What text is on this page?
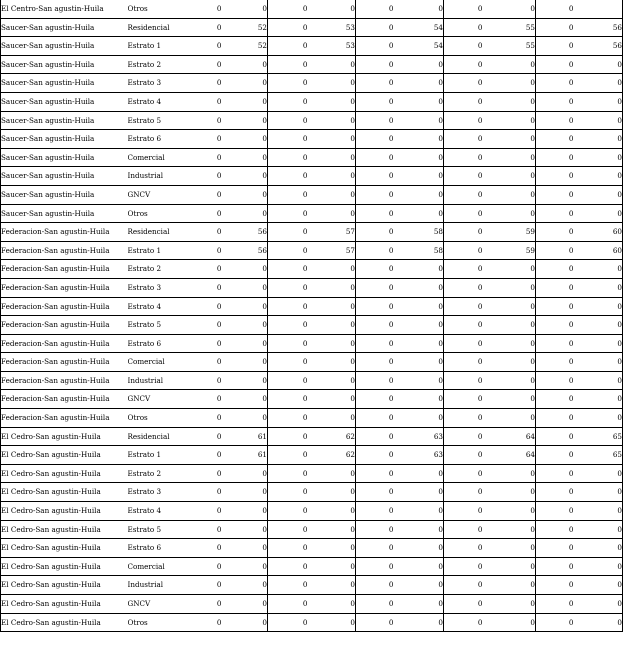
El Centro-San agustin-Huila	Otros	0	0	0	0	0	0	0	0	0	
Saucer-San agustin-Huila	Residencial	0	52	0	53	0	54	0	55	0	56
Saucer-San agustin-Huila	Estrato 1	0	52	0	53	0	54	0	55	0	56
Saucer-San agustin-Huila	Estrato 2	0	0	0	0	0	0	0	0	0	0
Saucer-San agustin-Huila	Estrato 3	0	0	0	0	0	0	0	0	0	0
Saucer-San agustin-Huila	Estrato 4	0	0	0	0	0	0	0	0	0	0
Saucer-San agustin-Huila	Estrato 5	0	0	0	0	0	0	0	0	0	0
Saucer-San agustin-Huila	Estrato 6	0	0	0	0	0	0	0	0	0	0
Saucer-San agustin-Huila	Comercial	0	0	0	0	0	0	0	0	0	0
Saucer-San agustin-Huila	Industrial	0	0	0	0	0	0	0	0	0	0
Saucer-San agustin-Huila	GNCV	0	0	0	0	0	0	0	0	0	0
Saucer-San agustin-Huila	Otros	0	0	0	0	0	0	0	0	0	0
Federacion-San agustin-Huila	Residencial	0	56	0	57	0	58	0	59	0	60
Federacion-San agustin-Huila	Estrato 1	0	56	0	57	0	58	0	59	0	60
Federacion-San agustin-Huila	Estrato 2	0	0	0	0	0	0	0	0	0	0
Federacion-San agustin-Huila	Estrato 3	0	0	0	0	0	0	0	0	0	0
Federacion-San agustin-Huila	Estrato 4	0	0	0	0	0	0	0	0	0	0
Federacion-San agustin-Huila	Estrato 5	0	0	0	0	0	0	0	0	0	0
Federacion-San agustin-Huila	Estrato 6	0	0	0	0	0	0	0	0	0	0
Federacion-San agustin-Huila	Comercial	0	0	0	0	0	0	0	0	0	0
Federacion-San agustin-Huila	Industrial	0	0	0	0	0	0	0	0	0	0
Federacion-San agustin-Huila	GNCV	0	0	0	0	0	0	0	0	0	0
Federacion-San agustin-Huila	Otros	0	0	0	0	0	0	0	0	0	0
El Cedro-San agustin-Huila	Residencial	0	61	0	62	0	63	0	64	0	65
El Cedro-San agustin-Huila	Estrato 1	0	61	0	62	0	63	0	64	0	65
El Cedro-San agustin-Huila	Estrato 2	0	0	0	0	0	0	0	0	0	0
El Cedro-San agustin-Huila	Estrato 3	0	0	0	0	0	0	0	0	0	0
El Cedro-San agustin-Huila	Estrato 4	0	0	0	0	0	0	0	0	0	0
El Cedro-San agustin-Huila	Estrato 5	0	0	0	0	0	0	0	0	0	0
El Cedro-San agustin-Huila	Estrato 6	0	0	0	0	0	0	0	0	0	0
El Cedro-San agustin-Huila	Comercial	0	0	0	0	0	0	0	0	0	0
El Cedro-San agustin-Huila	Industrial	0	0	0	0	0	0	0	0	0	0
El Cedro-San agustin-Huila	GNCV	0	0	0	0	0	0	0	0	0	0
El Cedro-San agustin-Huila	Otros	0	0	0	0	0	0	0	0	0	0
